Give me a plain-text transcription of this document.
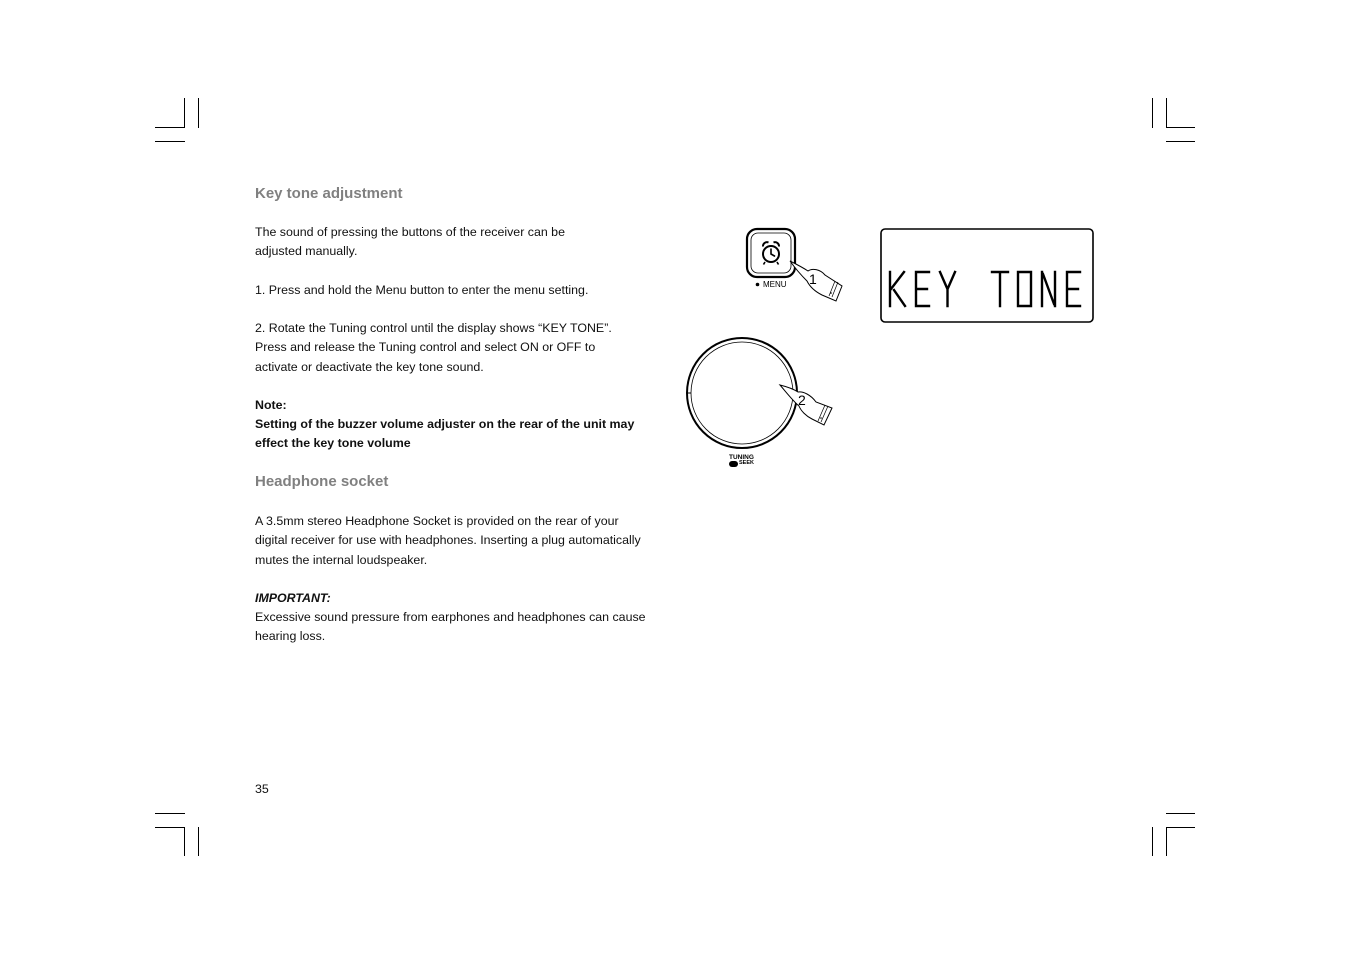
Key tone adjustment
The sound of pressing the buttons of the receiver can be
adjusted manually.
1. Press and hold the Menu button to enter the menu setting.
2. Rotate the Tuning control until the display shows “KEY TONE”.
Press and release the Tuning control and select ON or OFF to
activate or deactivate the key tone sound.
Note:
Setting of the buzzer volume adjuster on the rear of the unit may
effect the key tone volume
Headphone socket
A 3.5mm stereo Headphone Socket is provided on the rear of your
digital receiver for use with headphones. Inserting a plug automatically
mutes the internal loudspeaker.
IMPORTANT:
Excessive sound pressure from earphones and headphones can cause
hearing loss.
35
MENU 1
2
TUNING
SEEK
